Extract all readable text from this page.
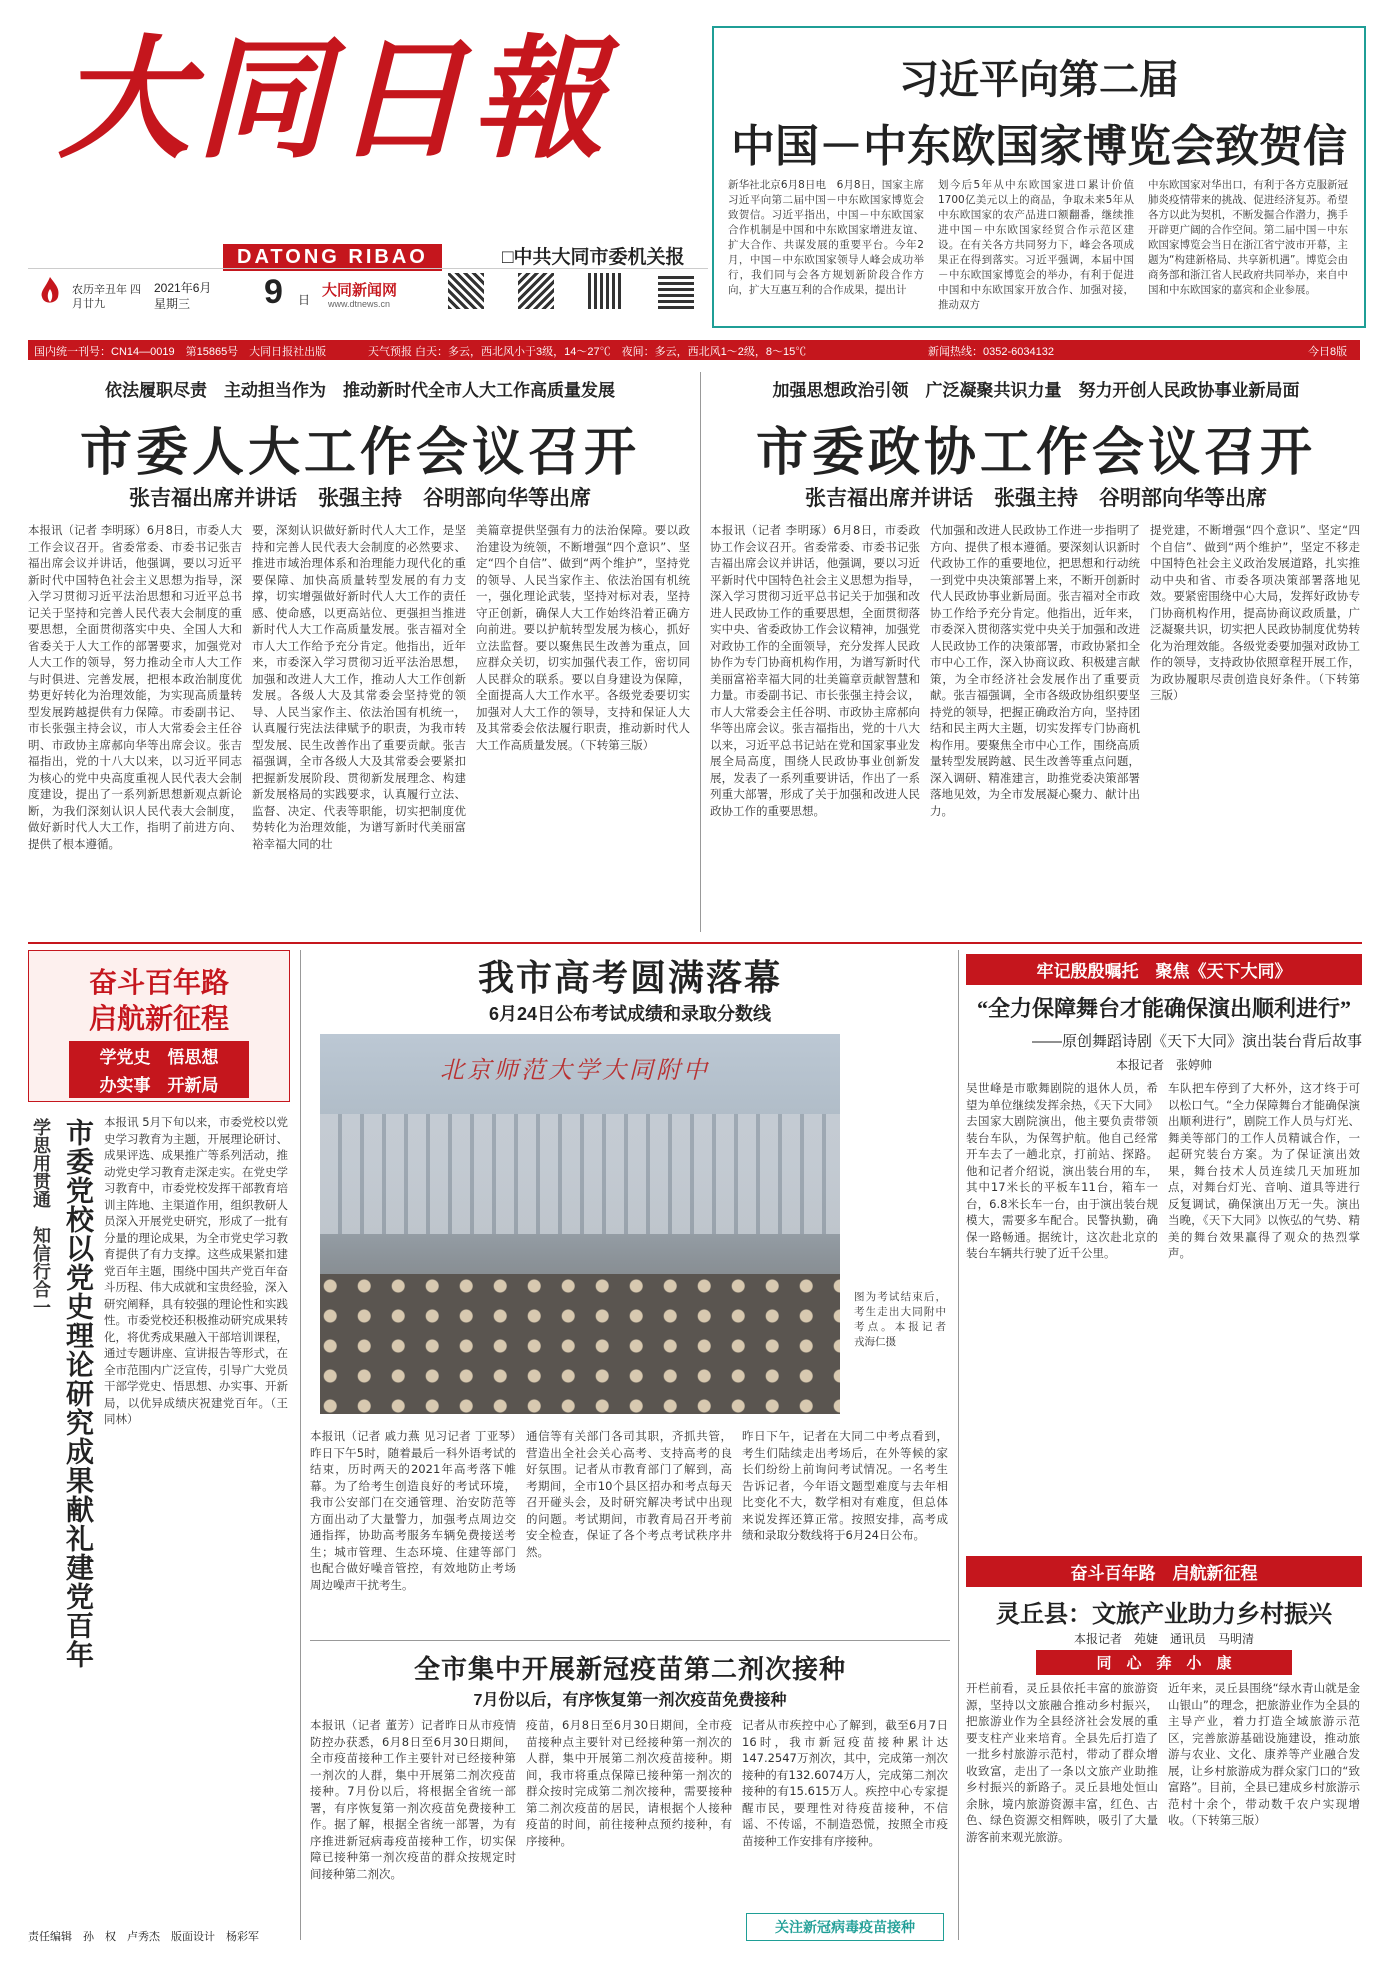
大同日報
DATONG RIBAO	□中共大同市委机关报
农历辛丑年 四月廿九
2021年6月
星期三 9 日
大同新闻网
www.dtnews.cn
国内统一刊号：CN14—0019　第15865号　大同日报社出版	天气预报 白天：多云，西北风小于3级，14～27℃　夜间：多云，西北风1～2级，8～15℃	新闻热线：0352-6034132	今日8版
习近平向第二届
中国－中东欧国家博览会致贺信
新华社北京6月8日电　6月8日，国家主席习近平向第二届中国－中东欧国家博览会致贺信。习近平指出，中国－中东欧国家合作机制是中国和中东欧国家增进友谊、扩大合作、共谋发展的重要平台。今年2月，中国－中东欧国家领导人峰会成功举行，我们同与会各方规划新阶段合作方向，扩大互惠互利的合作成果，提出计
划今后5年从中东欧国家进口累计价值1700亿美元以上的商品，争取未来5年从中东欧国家的农产品进口额翻番，继续推进中国－中东欧国家经贸合作示范区建设。在有关各方共同努力下，峰会各项成果正在得到落实。习近平强调，本届中国－中东欧国家博览会的举办，有利于促进中国和中东欧国家开放合作、加强对接，推动双方
中东欧国家对华出口，有利于各方克服新冠肺炎疫情带来的挑战、促进经济复苏。希望各方以此为契机，不断发掘合作潜力，携手开辟更广阔的合作空间。第二届中国－中东欧国家博览会当日在浙江省宁波市开幕，主题为“构建新格局、共享新机遇”。博览会由商务部和浙江省人民政府共同举办，来自中国和中东欧国家的嘉宾和企业参展。
依法履职尽责　主动担当作为　推动新时代全市人大工作高质量发展
市委人大工作会议召开
张吉福出席并讲话　张强主持　谷明部向华等出席
本报讯（记者 李明琢）6月8日，市委人大工作会议召开。省委常委、市委书记张吉福出席会议并讲话，他强调，要以习近平新时代中国特色社会主义思想为指导，深入学习贯彻习近平法治思想和习近平总书记关于坚持和完善人民代表大会制度的重要思想，全面贯彻落实中央、全国人大和省委关于人大工作的部署要求，加强党对人大工作的领导，努力推动全市人大工作与时俱进、完善发展，把根本政治制度优势更好转化为治理效能，为实现高质量转型发展跨越提供有力保障。市委副书记、市长张强主持会议，市人大常委会主任谷明、市政协主席郝向华等出席会议。张吉福指出，党的十八大以来，以习近平同志为核心的党中央高度重视人民代表大会制度建设，提出了一系列新思想新观点新论断，为我们深刻认识人民代表大会制度，做好新时代人大工作，指明了前进方向、提供了根本遵循。
要，深刻认识做好新时代人大工作，是坚持和完善人民代表大会制度的必然要求、推进市域治理体系和治理能力现代化的重要保障、加快高质量转型发展的有力支撑，切实增强做好新时代人大工作的责任感、使命感，以更高站位、更强担当推进新时代人大工作高质量发展。张吉福对全市人大工作给予充分肯定。他指出，近年来，市委深入学习贯彻习近平法治思想，加强和改进人大工作，推动人大工作创新发展。各级人大及其常委会坚持党的领导、人民当家作主、依法治国有机统一，认真履行宪法法律赋予的职责，为我市转型发展、民生改善作出了重要贡献。张吉福强调，全市各级人大及其常委会要紧扣把握新发展阶段、贯彻新发展理念、构建新发展格局的实践要求，认真履行立法、监督、决定、代表等职能，切实把制度优势转化为治理效能，为谱写新时代美丽富裕幸福大同的壮
美篇章提供坚强有力的法治保障。要以政治建设为统领，不断增强“四个意识”、坚定“四个自信”、做到“两个维护”，坚持党的领导、人民当家作主、依法治国有机统一，强化理论武装，坚持对标对表，坚持守正创新，确保人大工作始终沿着正确方向前进。要以护航转型发展为核心，抓好立法监督。要以聚焦民生改善为重点，回应群众关切，切实加强代表工作，密切同人民群众的联系。要以自身建设为保障，全面提高人大工作水平。各级党委要切实加强对人大工作的领导，支持和保证人大及其常委会依法履行职责，推动新时代人大工作高质量发展。（下转第三版）
加强思想政治引领　广泛凝聚共识力量　努力开创人民政协事业新局面
市委政协工作会议召开
张吉福出席并讲话　张强主持　谷明部向华等出席
本报讯（记者 李明琢）6月8日，市委政协工作会议召开。省委常委、市委书记张吉福出席会议并讲话，他强调，要以习近平新时代中国特色社会主义思想为指导，深入学习贯彻习近平总书记关于加强和改进人民政协工作的重要思想，全面贯彻落实中央、省委政协工作会议精神，加强党对政协工作的全面领导，充分发挥人民政协作为专门协商机构作用，为谱写新时代美丽富裕幸福大同的壮美篇章贡献智慧和力量。市委副书记、市长张强主持会议，市人大常委会主任谷明、市政协主席郝向华等出席会议。张吉福指出，党的十八大以来，习近平总书记站在党和国家事业发展全局高度，围绕人民政协事业创新发展，发表了一系列重要讲话，作出了一系列重大部署，形成了关于加强和改进人民政协工作的重要思想。
代加强和改进人民政协工作进一步指明了方向、提供了根本遵循。要深刻认识新时代政协工作的重要地位，把思想和行动统一到党中央决策部署上来，不断开创新时代人民政协事业新局面。张吉福对全市政协工作给予充分肯定。他指出，近年来，市委深入贯彻落实党中央关于加强和改进人民政协工作的决策部署，市政协紧扣全市中心工作，深入协商议政、积极建言献策，为全市经济社会发展作出了重要贡献。张吉福强调，全市各级政协组织要坚持党的领导，把握正确政治方向，坚持团结和民主两大主题，切实发挥专门协商机构作用。要聚焦全市中心工作，围绕高质量转型发展跨越、民生改善等重点问题，深入调研、精准建言，助推党委决策部署落地见效，为全市发展凝心聚力、献计出力。
提党建，不断增强“四个意识”、坚定“四个自信”、做到“两个维护”，坚定不移走中国特色社会主义政治发展道路，扎实推动中央和省、市委各项决策部署落地见效。要紧密围绕中心大局，发挥好政协专门协商机构作用，提高协商议政质量，广泛凝聚共识，切实把人民政协制度优势转化为治理效能。各级党委要加强对政协工作的领导，支持政协依照章程开展工作，为政协履职尽责创造良好条件。（下转第三版）
奋斗百年路
启航新征程
学党史　悟思想
办实事　开新局
学思用贯通　知信行合一 市委党校以党史理论研究成果献礼建党百年 本报讯 5月下旬以来，市委党校以党史学习教育为主题，开展理论研讨、成果评选、成果推广等系列活动，推动党史学习教育走深走实。在党史学习教育中，市委党校发挥干部教育培训主阵地、主渠道作用，组织教研人员深入开展党史研究，形成了一批有分量的理论成果，为全市党史学习教育提供了有力支撑。这些成果紧扣建党百年主题，围绕中国共产党百年奋斗历程、伟大成就和宝贵经验，深入研究阐释，具有较强的理论性和实践性。市委党校还积极推动研究成果转化，将优秀成果融入干部培训课程，通过专题讲座、宣讲报告等形式，在全市范围内广泛宣传，引导广大党员干部学党史、悟思想、办实事、开新局，以优异成绩庆祝建党百年。（王同林）
责任编辑　孙　权　卢秀杰　版面设计　杨彩军
我市高考圆满落幕
6月24日公布考试成绩和录取分数线
北京师范大学大同附中
图为考试结束后，考生走出大同附中考点。本报记者　戎海仁摄
本报讯（记者 戚力燕 见习记者 丁亚琴）昨日下午5时，随着最后一科外语考试的结束，历时两天的2021年高考落下帷幕。为了给考生创造良好的考试环境，我市公安部门在交通管理、治安防范等方面出动了大量警力，加强考点周边交通指挥，协助高考服务车辆免费接送考生；城市管理、生态环境、住建等部门也配合做好噪音管控，有效地防止考场周边噪声干扰考生。
通信等有关部门各司其职，齐抓共管，营造出全社会关心高考、支持高考的良好氛围。记者从市教育部门了解到，高考期间，全市10个县区招办和考点每天召开碰头会，及时研究解决考试中出现的问题。考试期间，市教育局召开考前安全检查，保证了各个考点考试秩序井然。
昨日下午，记者在大同二中考点看到，考生们陆续走出考场后，在外等候的家长们纷纷上前询问考试情况。一名考生告诉记者，今年语文题型难度与去年相比变化不大，数学相对有难度，但总体来说发挥还算正常。按照安排，高考成绩和录取分数线将于6月24日公布。
牢记殷殷嘱托　聚焦《天下大同》
“全力保障舞台才能确保演出顺利进行”
——原创舞蹈诗剧《天下大同》演出装台背后故事
本报记者　张婷帅
吴世峰是市歌舞剧院的退休人员，希望为单位继续发挥余热，《天下大同》去国家大剧院演出，他主要负责带领装台车队，为保驾护航。他自己经常开车去了一趟北京，打前站、探路。他和记者介绍说，演出装台用的车，其中17米长的平板车11台，箱车一台，6.8米长车一台，由于演出装台规模大，需要多车配合。民警执勤，确保一路畅通。据统计，这次赴北京的装台车辆共行驶了近千公里。
车队把车停到了大杯外，这才终于可以松口气。“全力保障舞台才能确保演出顺利进行”，剧院工作人员与灯光、舞美等部门的工作人员精诚合作，一起研究装台方案。为了保证演出效果，舞台技术人员连续几天加班加点，对舞台灯光、音响、道具等进行反复调试，确保演出万无一失。演出当晚，《天下大同》以恢弘的气势、精美的舞台效果赢得了观众的热烈掌声。
奋斗百年路　启航新征程
灵丘县：文旅产业助力乡村振兴
本报记者　苑婕　通讯员　马明清
同　心　奔　小　康
开栏前看，灵丘县依托丰富的旅游资源，坚持以文旅融合推动乡村振兴，把旅游业作为全县经济社会发展的重要支柱产业来培育。全县先后打造了一批乡村旅游示范村，带动了群众增收致富，走出了一条以文旅产业助推乡村振兴的新路子。灵丘县地处恒山余脉，境内旅游资源丰富，红色、古色、绿色资源交相辉映，吸引了大量游客前来观光旅游。
近年来，灵丘县围绕“绿水青山就是金山银山”的理念，把旅游业作为全县的主导产业，着力打造全域旅游示范区，完善旅游基础设施建设，推动旅游与农业、文化、康养等产业融合发展，让乡村旅游成为群众家门口的“致富路”。目前，全县已建成乡村旅游示范村十余个，带动数千农户实现增收。（下转第三版）
全市集中开展新冠疫苗第二剂次接种
7月份以后，有序恢复第一剂次疫苗免费接种
本报讯（记者 董芳）记者昨日从市疫情防控办获悉，6月8日至6月30日期间，全市疫苗接种工作主要针对已经接种第一剂次的人群，集中开展第二剂次疫苗接种。7月份以后，将根据全省统一部署，有序恢复第一剂次疫苗免费接种工作。据了解，根据全省统一部署，为有序推进新冠病毒疫苗接种工作，切实保障已接种第一剂次疫苗的群众按规定时间接种第二剂次。
疫苗，6月8日至6月30日期间，全市疫苗接种点主要针对已经接种第一剂次的人群，集中开展第二剂次疫苗接种。期间，我市将重点保障已接种第一剂次的群众按时完成第二剂次接种，需要接种第二剂次疫苗的居民，请根据个人接种疫苗的时间，前往接种点预约接种，有序接种。
记者从市疾控中心了解到，截至6月7日16时，我市新冠疫苗接种累计达147.2547万剂次，其中，完成第一剂次接种的有132.6074万人，完成第二剂次接种的有15.615万人。疾控中心专家提醒市民，要理性对待疫苗接种，不信谣、不传谣，不制造恐慌，按照全市疫苗接种工作安排有序接种。
关注新冠病毒疫苗接种
